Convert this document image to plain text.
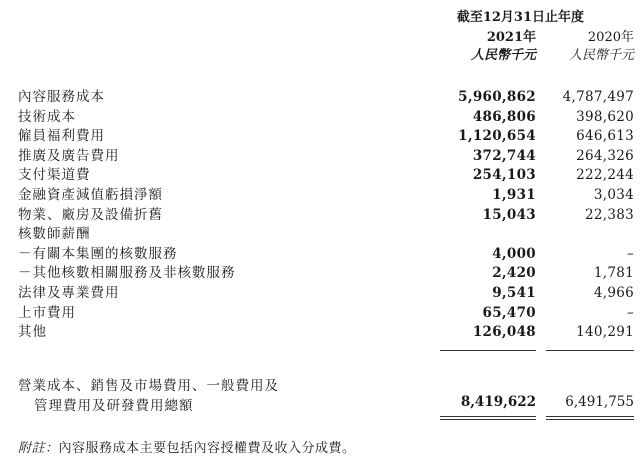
截至12月31日止年度
2021年	2020年
人民幣千元	人民幣千元
內容服務成本	5,960,862 4,787,497
技術成本	486,806	398,620
僱員福利費用	1,120,654	646,613
推廣及廣告費用	372,744	264,326
支付渠道費	254,103	222,244
金融資產減值虧損淨額	1,931	3,034
物業、廠房及設備折舊	15,043	22,383
核數師薪酬
－有關本集團的核數服務	4,000	–
－其他核數相關服務及非核數服務	2,420	1,781
法律及專業費用	9,541	4,966
上市費用	65,470	–
其他	126,048	140,291
營業成本、銷售及市場費用、一般費用及
管理費用及研發費用總額	8,419,622 6,491,755
附註：內容服務成本主要包括內容授權費及收入分成費。
